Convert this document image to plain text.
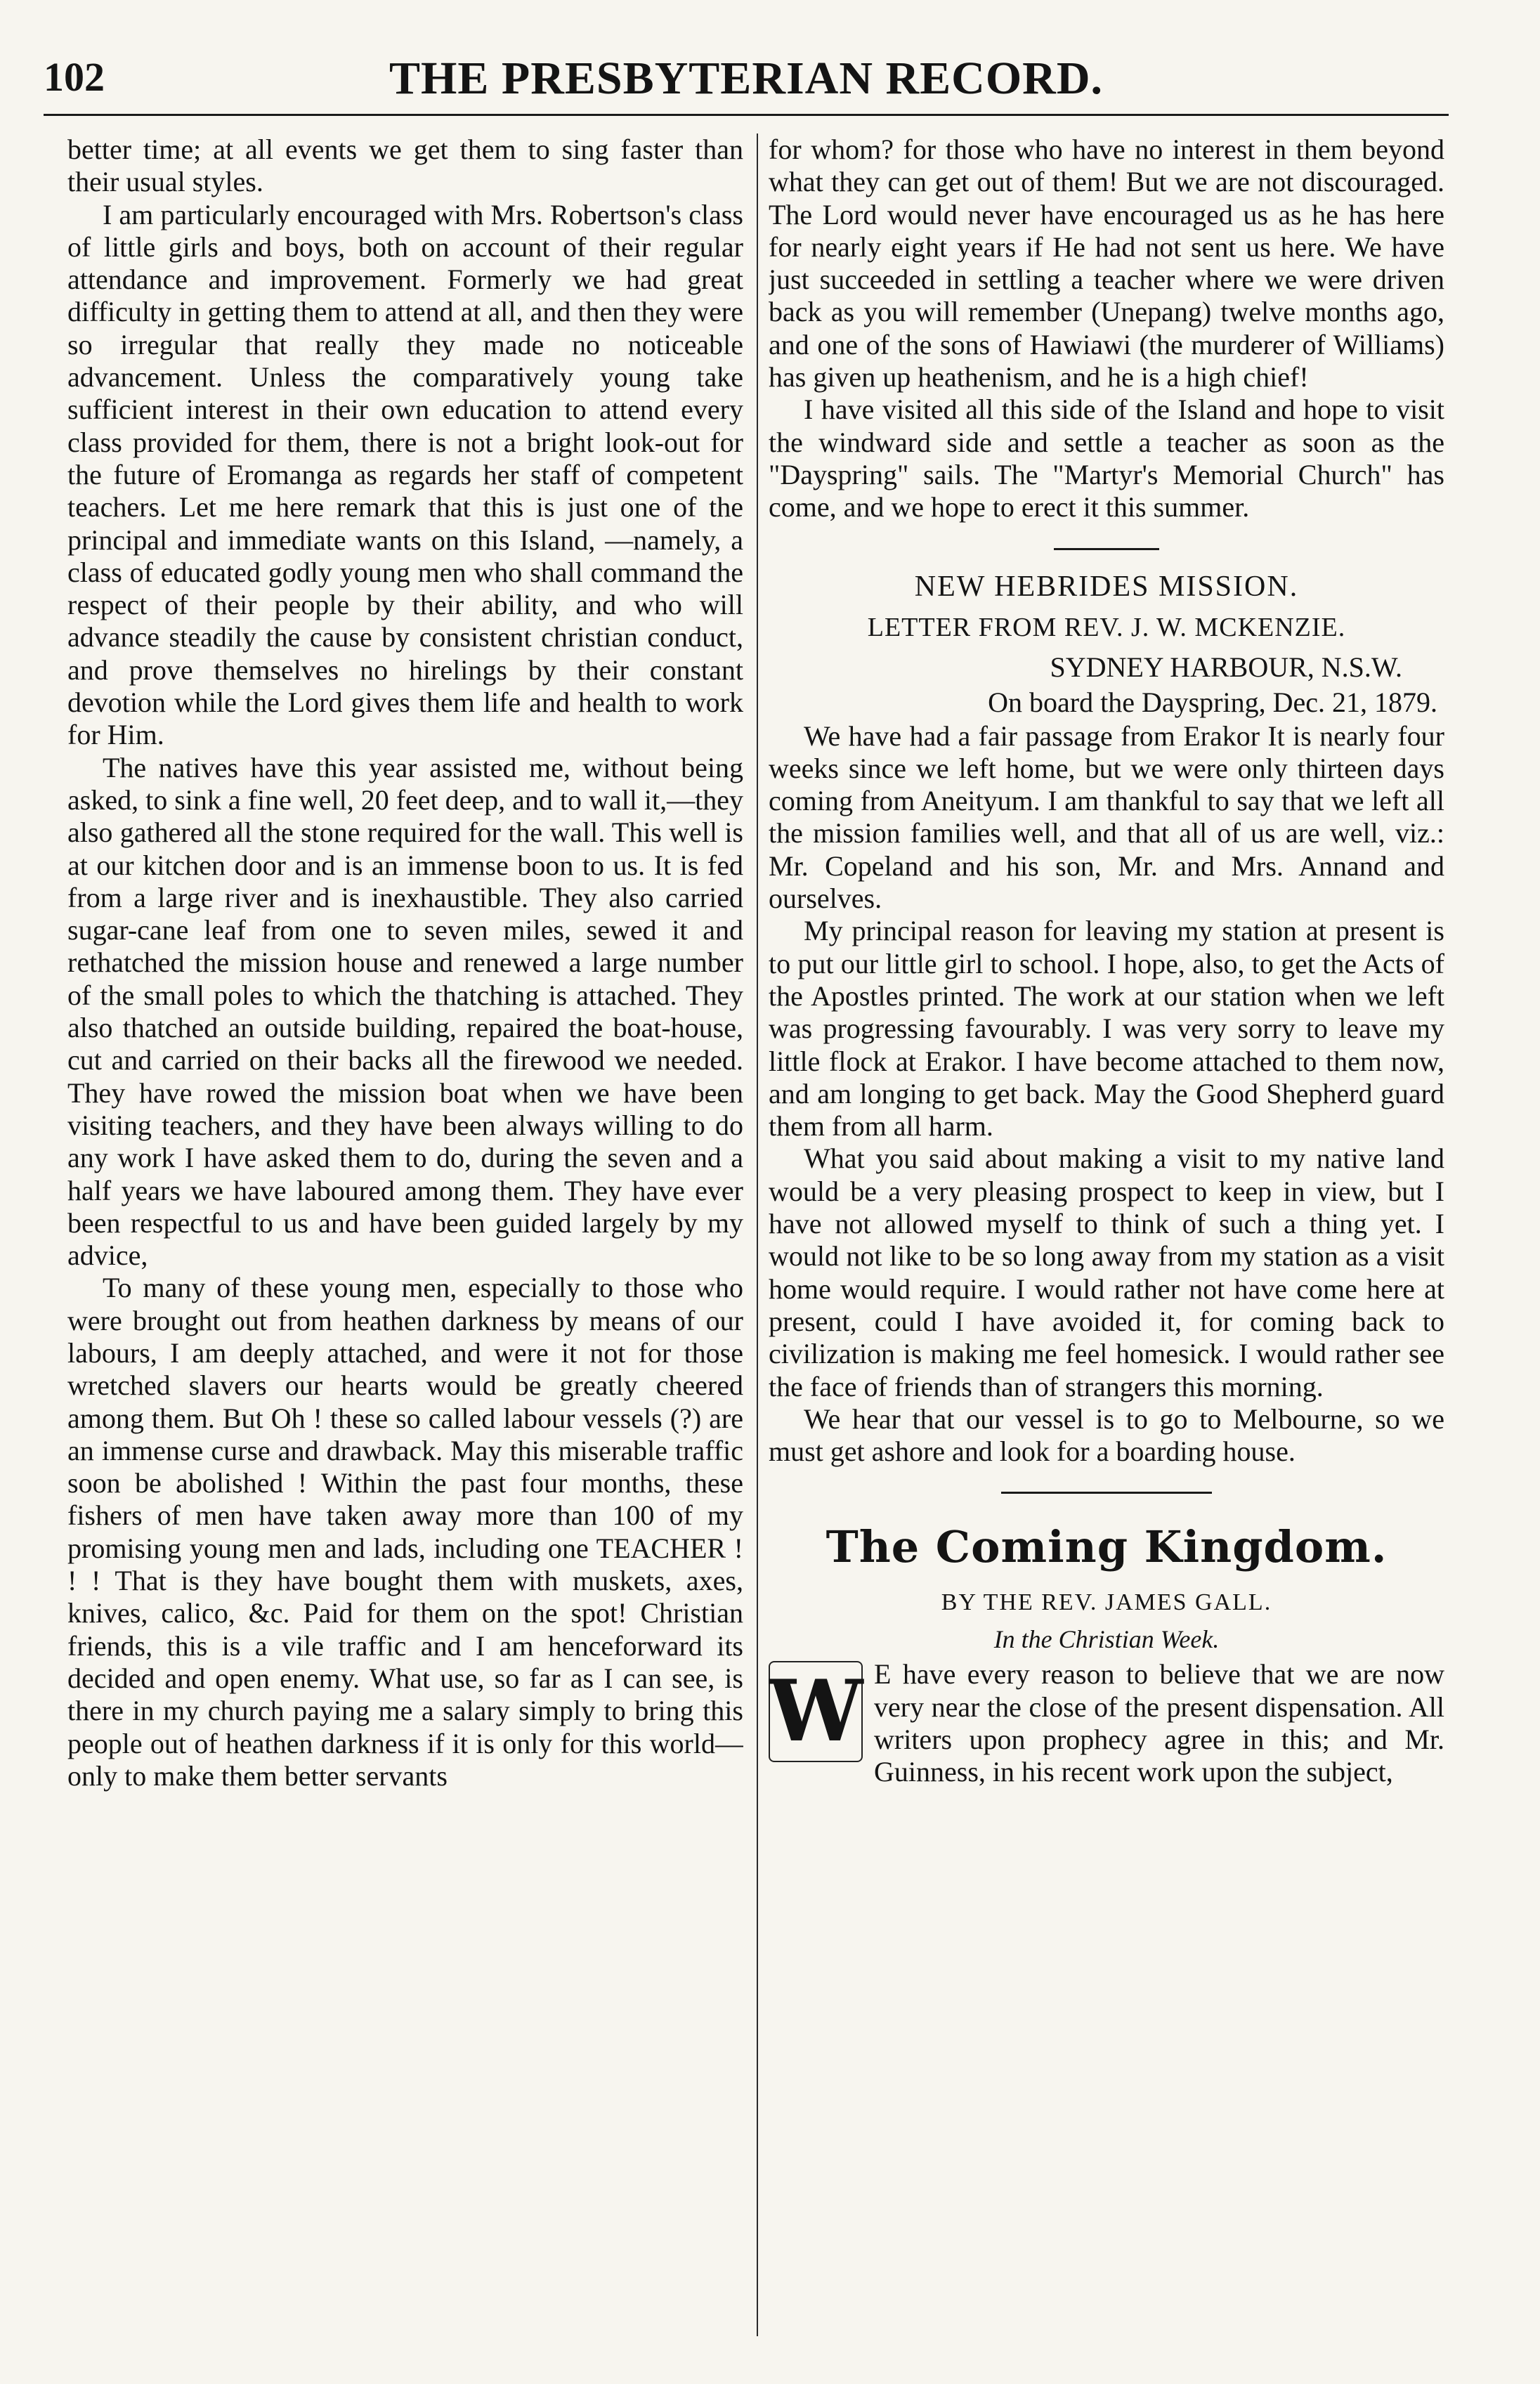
102	THE PRESBYTERIAN RECORD.

better time; at all events we get them to sing faster than their usual styles.

I am particularly encouraged with Mrs. Robertson's class of little girls and boys, both on account of their regular attendance and improvement. Formerly we had great difficulty in getting them to attend at all, and then they were so irregular that really they made no noticeable advancement. Unless the comparatively young take sufficient interest in their own education to attend every class provided for them, there is not a bright look-out for the future of Eromanga as regards her staff of competent teachers. Let me here remark that this is just one of the principal and immediate wants on this Island, —namely, a class of educated godly young men who shall command the respect of their people by their ability, and who will advance steadily the cause by consistent christian conduct, and prove themselves no hirelings by their constant devotion while the Lord gives them life and health to work for Him.

The natives have this year assisted me, without being asked, to sink a fine well, 20 feet deep, and to wall it,—they also gathered all the stone required for the wall. This well is at our kitchen door and is an immense boon to us. It is fed from a large river and is inexhaustible. They also carried sugar-cane leaf from one to seven miles, sewed it and rethatched the mission house and renewed a large number of the small poles to which the thatching is attached. They also thatched an outside building, repaired the boat-house, cut and carried on their backs all the firewood we needed. They have rowed the mission boat when we have been visiting teachers, and they have been always willing to do any work I have asked them to do, during the seven and a half years we have laboured among them. They have ever been respectful to us and have been guided largely by my advice,

To many of these young men, especially to those who were brought out from heathen darkness by means of our labours, I am deeply attached, and were it not for those wretched slavers our hearts would be greatly cheered among them. But Oh ! these so called labour vessels (?) are an immense curse and drawback. May this miserable traffic soon be abolished ! Within the past four months, these fishers of men have taken away more than 100 of my promising young men and lads, including one TEACHER ! ! ! That is they have bought them with muskets, axes, knives, calico, &c. Paid for them on the spot! Christian friends, this is a vile traffic and I am henceforward its decided and open enemy. What use, so far as I can see, is there in my church paying me a salary simply to bring this people out of heathen darkness if it is only for this world—only to make them better servants

for whom? for those who have no interest in them beyond what they can get out of them! But we are not discouraged. The Lord would never have encouraged us as he has here for nearly eight years if He had not sent us here. We have just succeeded in settling a teacher where we were driven back as you will remember (Unepang) twelve months ago, and one of the sons of Hawiawi (the murderer of Williams) has given up heathenism, and he is a high chief!

I have visited all this side of the Island and hope to visit the windward side and settle a teacher as soon as the "Dayspring" sails. The "Martyr's Memorial Church" has come, and we hope to erect it this summer.

NEW HEBRIDES MISSION.
LETTER FROM REV. J. W. MCKENZIE.
SYDNEY HARBOUR, N.S.W.
On board the Dayspring, Dec. 21, 1879.

We have had a fair passage from Erakor It is nearly four weeks since we left home, but we were only thirteen days coming from Aneityum. I am thankful to say that we left all the mission families well, and that all of us are well, viz.: Mr. Copeland and his son, Mr. and Mrs. Annand and ourselves.

My principal reason for leaving my station at present is to put our little girl to school. I hope, also, to get the Acts of the Apostles printed. The work at our station when we left was progressing favourably. I was very sorry to leave my little flock at Erakor. I have become attached to them now, and am longing to get back. May the Good Shepherd guard them from all harm.

What you said about making a visit to my native land would be a very pleasing prospect to keep in view, but I have not allowed myself to think of such a thing yet. I would not like to be so long away from my station as a visit home would require. I would rather not have come here at present, could I have avoided it, for coming back to civilization is making me feel homesick. I would rather see the face of friends than of strangers this morning.

We hear that our vessel is to go to Melbourne, so we must get ashore and look for a boarding house.

The Coming Kingdom.
BY THE REV. JAMES GALL.
In the Christian Week.
W E have every reason to believe that we are now very near the close of the present dispensation. All writers upon prophecy agree in this; and Mr. Guinness, in his recent work upon the subject,
